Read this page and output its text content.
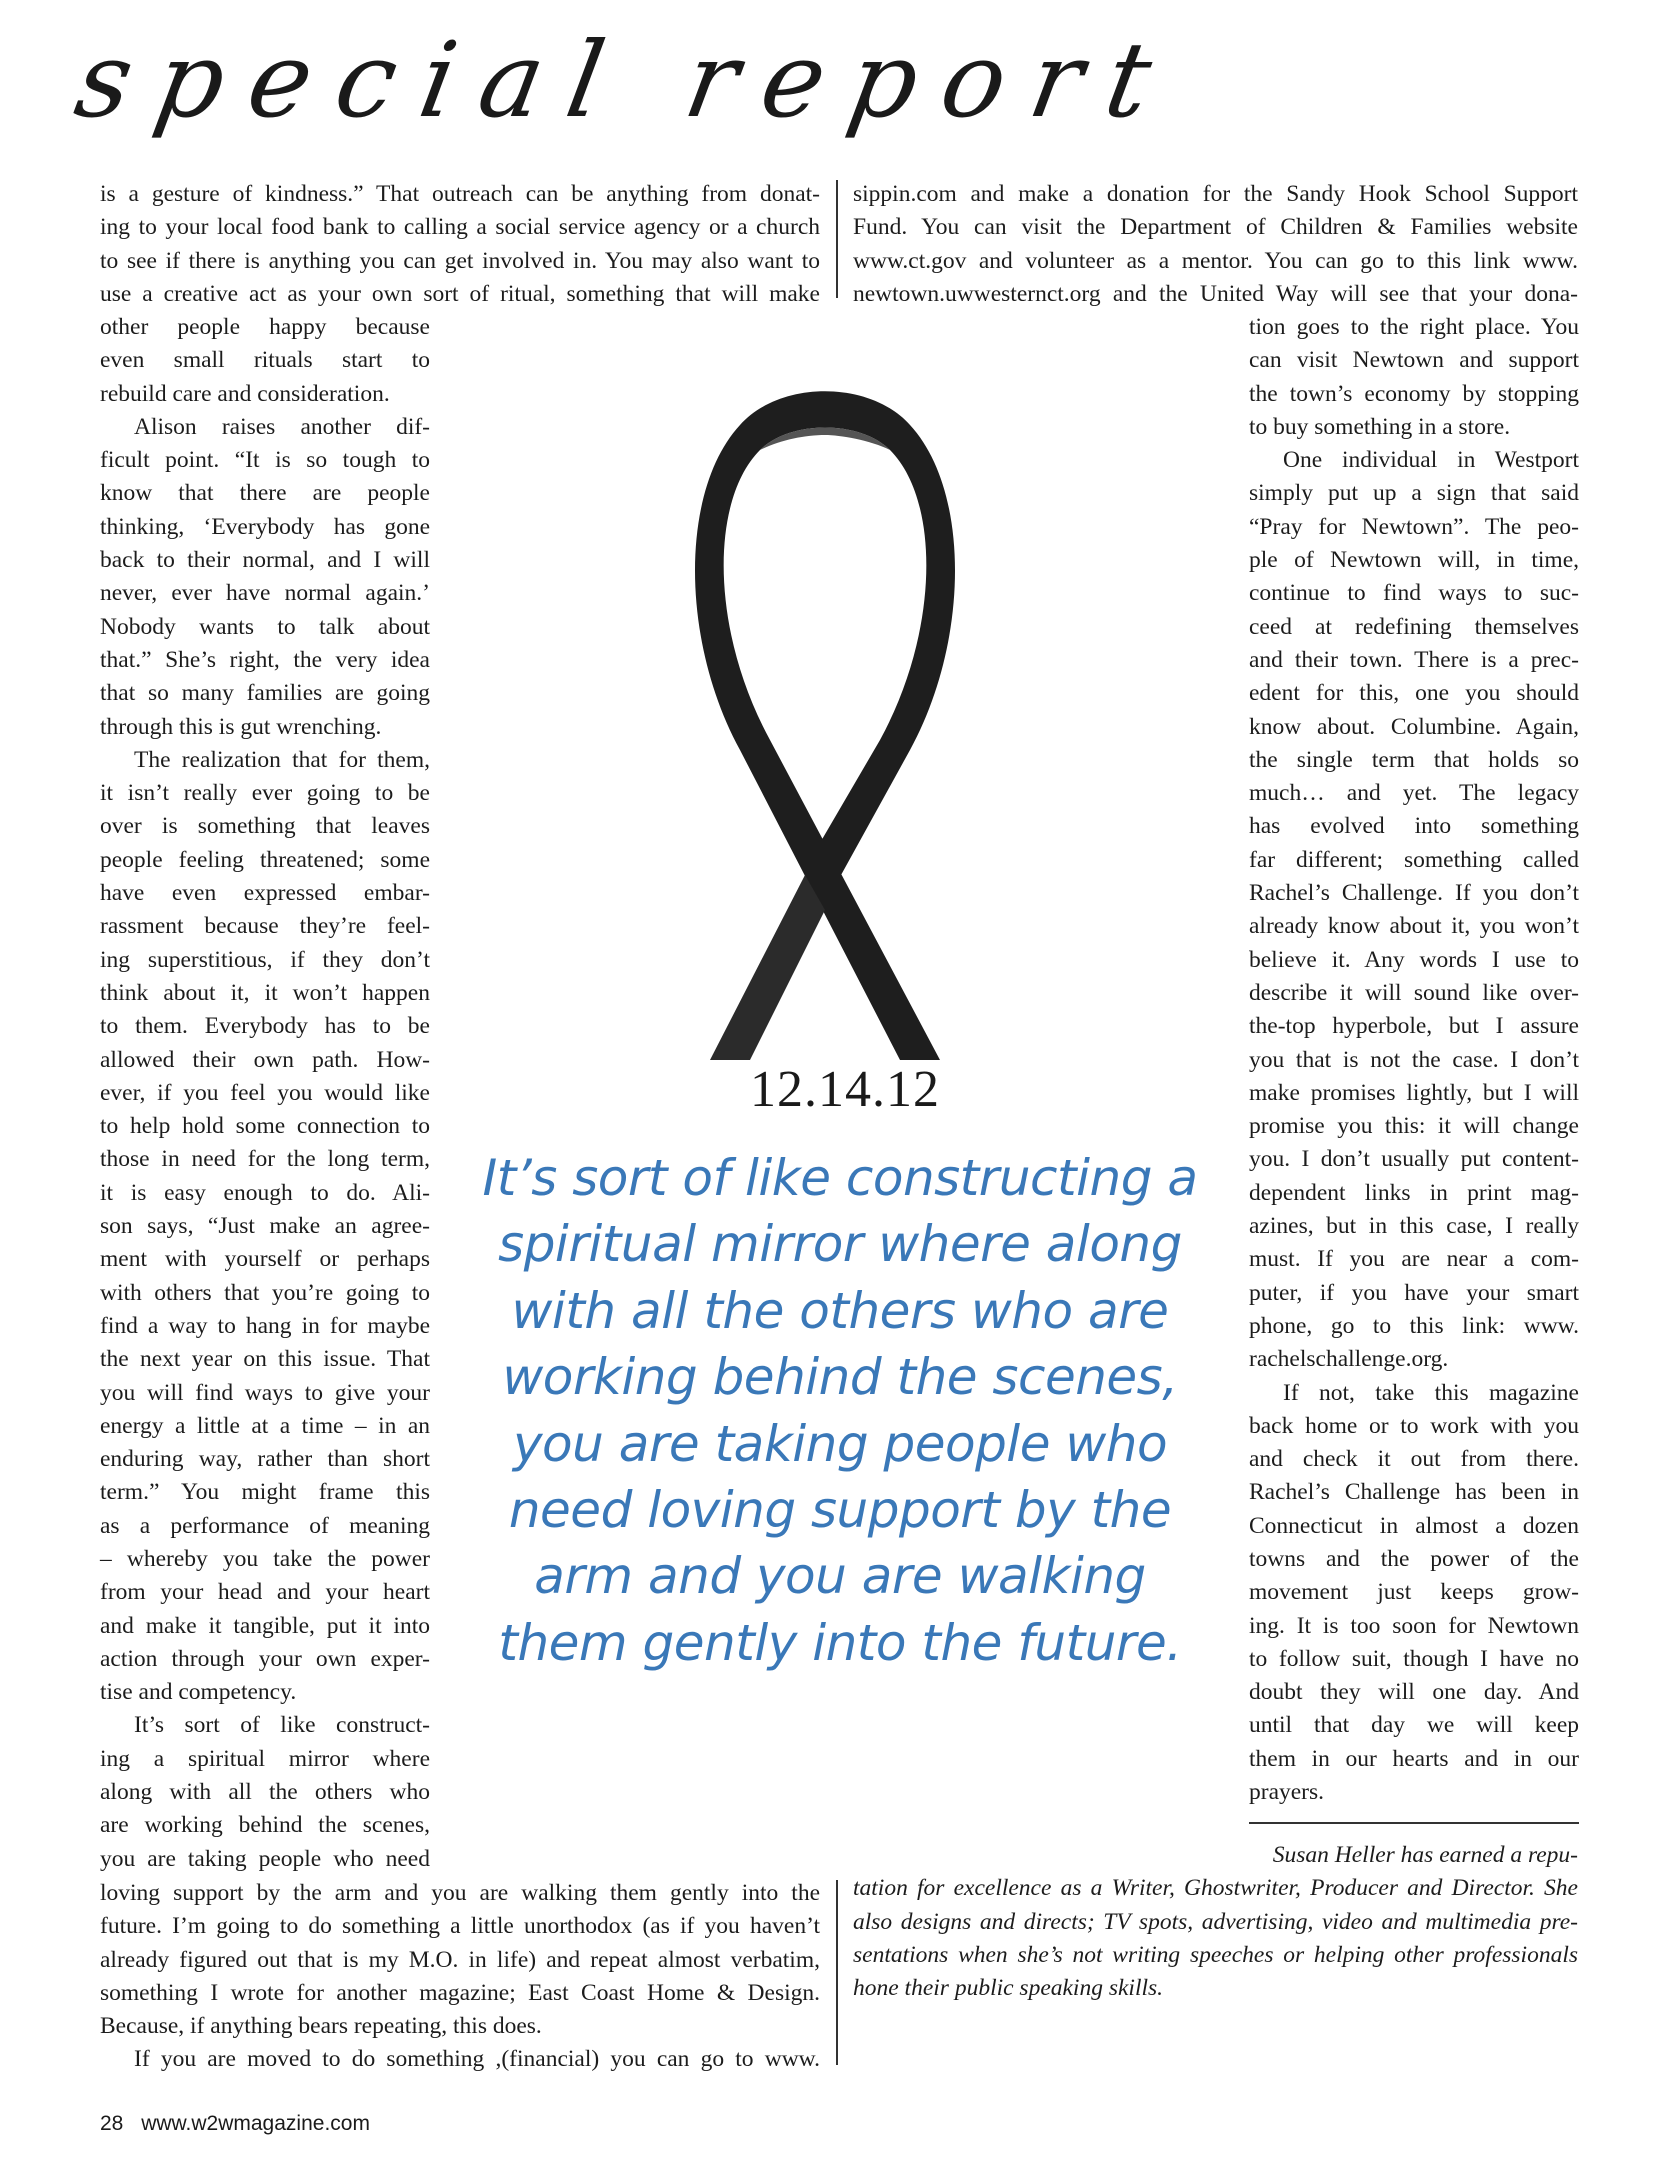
special report

is a gesture of kindness.” That outreach can be anything from donat-

ing to your local food bank to calling a social service agency or a church

to see if there is anything you can get involved in. You may also want to

use a creative act as your own sort of ritual, something that will make

sippin.com and make a donation for the Sandy Hook School Support

Fund. You can visit the Department of Children & Families website

www.ct.gov and volunteer as a mentor. You can go to this link www.

newtown.uwwesternct.org and the United Way will see that your dona-

other people happy because

even small rituals start to

rebuild care and consideration.

Alison raises another dif-

ficult point. “It is so tough to

know that there are people

thinking, ‘Everybody has gone

back to their normal, and I will

never, ever have normal again.’

Nobody wants to talk about

that.” She’s right, the very idea

that so many families are going

through this is gut wrenching.

The realization that for them,

it isn’t really ever going to be

over is something that leaves

people feeling threatened; some

have even expressed embar-

rassment because they’re feel-

ing superstitious, if they don’t

think about it, it won’t happen

to them. Everybody has to be

allowed their own path. How-

ever, if you feel you would like

to help hold some connection to

those in need for the long term,

it is easy enough to do. Ali-

son says, “Just make an agree-

ment with yourself or perhaps

with others that you’re going to

find a way to hang in for maybe

the next year on this issue. That

you will find ways to give your

energy a little at a time – in an

enduring way, rather than short

term.” You might frame this

as a performance of meaning

– whereby you take the power

from your head and your heart

and make it tangible, put it into

action through your own exper-

tise and competency.

It’s sort of like construct-

ing a spiritual mirror where

along with all the others who

are working behind the scenes,

you are taking people who need

12.14.12

It’s sort of like constructing a

spiritual mirror where along

with all the others who are

working behind the scenes,

you are taking people who

need loving support by the

arm and you are walking

them gently into the future.

tion goes to the right place. You

can visit Newtown and support

the town’s economy by stopping

to buy something in a store.

One individual in Westport

simply put up a sign that said

“Pray for Newtown”. The peo-

ple of Newtown will, in time,

continue to find ways to suc-

ceed at redefining themselves

and their town. There is a prec-

edent for this, one you should

know about. Columbine. Again,

the single term that holds so

much… and yet. The legacy

has evolved into something

far different; something called

Rachel’s Challenge. If you don’t

already know about it, you won’t

believe it. Any words I use to

describe it will sound like over-

the-top hyperbole, but I assure

you that is not the case. I don’t

make promises lightly, but I will

promise you this: it will change

you. I don’t usually put content-

dependent links in print mag-

azines, but in this case, I really

must. If you are near a com-

puter, if you have your smart

phone, go to this link: www.

rachelschallenge.org.

If not, take this magazine

back home or to work with you

and check it out from there.

Rachel’s Challenge has been in

Connecticut in almost a dozen

towns and the power of the

movement just keeps grow-

ing. It is too soon for Newtown

to follow suit, though I have no

doubt they will one day. And

until that day we will keep

them in our hearts and in our

prayers.

loving support by the arm and you are walking them gently into the

future. I’m going to do something a little unorthodox (as if you haven’t

already figured out that is my M.O. in life) and repeat almost verbatim,

something I wrote for another magazine; East Coast Home & Design.

Because, if anything bears repeating, this does.

If you are moved to do something ,(financial) you can go to www.

Susan Heller has earned a repu-

tation for excellence as a Writer, Ghostwriter, Producer and Director. She

also designs and directs; TV spots, advertising, video and multimedia pre-

sentations when she’s not writing speeches or helping other professionals

hone their public speaking skills.

28 www.w2wmagazine.com
